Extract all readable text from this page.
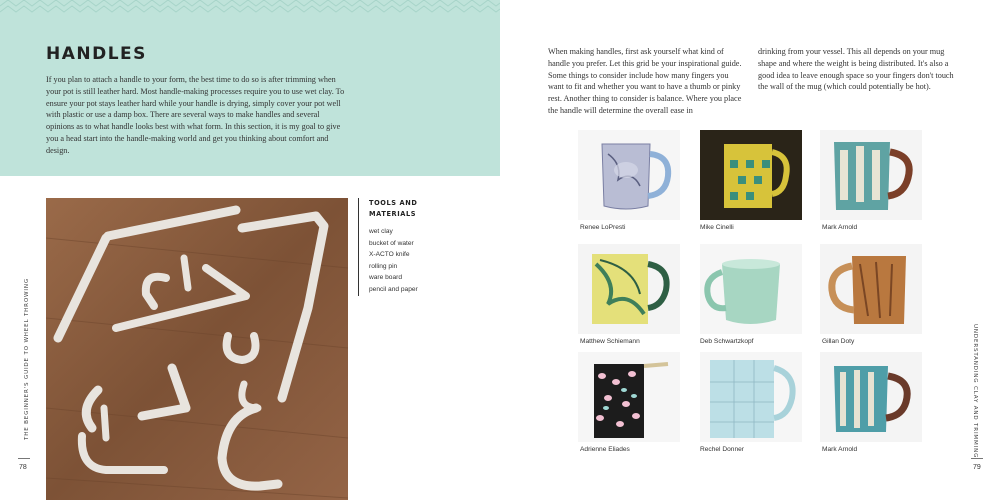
HANDLES

If you plan to attach a handle to your form, the best time to do so is after trimming when your pot is still leather hard. Most handle-making processes require you to use wet clay. To ensure your pot stays leather hard while your handle is drying, simply cover your pot well with plastic or use a damp box. There are several ways to make handles and several opinions as to what handle looks best with what form. In this section, it is my goal to give you a head start into the handle-making world and get you thinking about comfort and design.

TOOLS AND MATERIALS
wet clay
bucket of water
X-ACTO knife
rolling pin
ware board
pencil and paper
THE BEGINNER'S GUIDE TO WHEEL THROWING
78

When making handles, first ask yourself what kind of handle you prefer. Let this grid be your inspirational guide. Some things to consider include how many fingers you want to fit and whether you want to have a thumb or pinky rest. Another thing to consider is balance. Where you place the handle will determine the overall ease in

drinking from your vessel. This all depends on your mug shape and where the weight is being distributed. It's also a good idea to leave enough space so your fingers don't touch the wall of the mug (which could potentially be hot).

Renee LoPresti	Mike Cinelli	Mark Arnold
Matthew Schiemann	Deb Schwartzkopf	Gillan Doty
Adrienne Eliades	Rechel Donner	Mark Arnold	UNDERSTANDING CLAY AND TRIMMING
79
